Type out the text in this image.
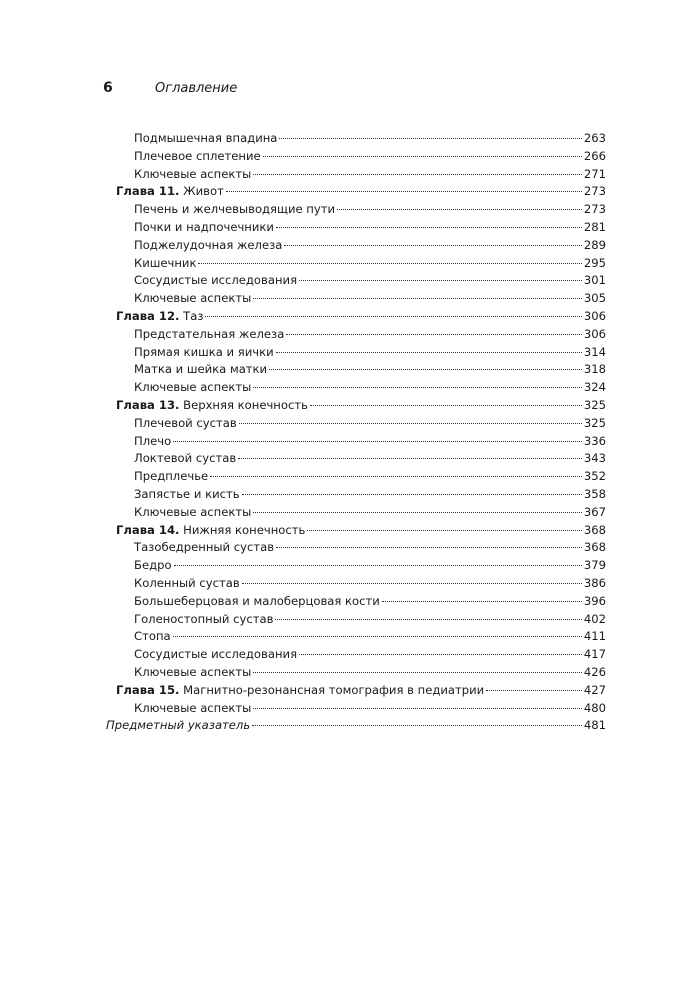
6	Оглавление
Подмышечная впадина	263
Плечевое сплетение	266
Ключевые аспекты	271
Глава 11. Живот	273
Печень и желчевыводящие пути	273
Почки и надпочечники	281
Поджелудочная железа	289
Кишечник	295
Сосудистые исследования	301
Ключевые аспекты	305
Глава 12. Таз	306
Предстательная железа	306
Прямая кишка и яички	314
Матка и шейка матки	318
Ключевые аспекты	324
Глава 13. Верхняя конечность	325
Плечевой сустав	325
Плечо	336
Локтевой сустав	343
Предплечье	352
Запястье и кисть	358
Ключевые аспекты	367
Глава 14. Нижняя конечность	368
Тазобедренный сустав	368
Бедро	379
Коленный сустав	386
Большеберцовая и малоберцовая кости	396
Голеностопный сустав	402
Стопа	411
Сосудистые исследования	417
Ключевые аспекты	426
Глава 15. Магнитно-резонансная томография в педиатрии	427
Ключевые аспекты	480
Предметный указатель	481
